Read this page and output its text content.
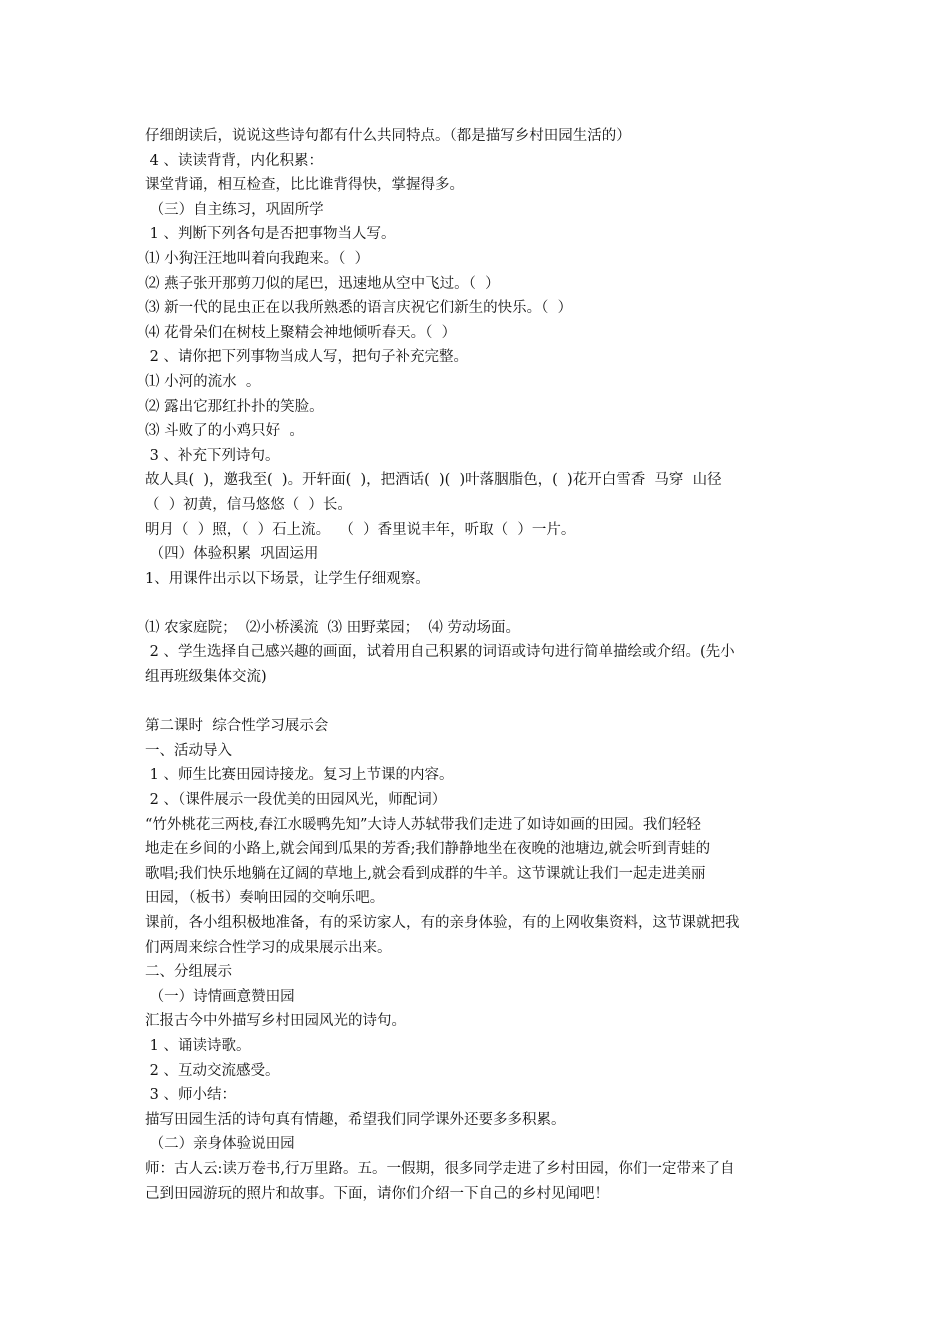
仔细朗读后，说说这些诗句都有什么共同特点。（都是描写乡村田园生活的）
4 、读读背背，内化积累：
课堂背诵，相互检查，比比谁背得快，掌握得多。
（三）自主练习，巩固所学
1 、判断下列各句是否把事物当人写。
⑴ 小狗汪汪地叫着向我跑来。（  ）
⑵ 燕子张开那剪刀似的尾巴，迅速地从空中飞过。（  ）
⑶ 新一代的昆虫正在以我所熟悉的语言庆祝它们新生的快乐。（  ）
⑷ 花骨朵们在树枝上聚精会神地倾听春天。（  ）
2 、请你把下列事物当成人写，把句子补充完整。
⑴ 小河的流水  。
⑵ 露出它那红扑扑的笑脸。
⑶ 斗败了的小鸡只好  。
3 、补充下列诗句。
故人具(  )，邀我至(  )。开轩面(  )，把酒话(  )(  )叶落胭脂色，(  )花开白雪香  马穿  山径
（  ）初黄，信马悠悠（  ）长。
明月（  ）照，（  ）石上流。  （  ）香里说丰年，听取（  ）一片。
（四）体验积累  巩固运用
1、用课件出示以下场景，让学生仔细观察。
⑴ 农家庭院；  ⑵小桥溪流  ⑶ 田野菜园；  ⑷ 劳动场面。
2 、学生选择自己感兴趣的画面，试着用自己积累的词语或诗句进行简单描绘或介绍。(先小
组再班级集体交流)
第二课时  综合性学习展示会
一、活动导入
1 、师生比赛田园诗接龙。复习上节课的内容。
2 、（课件展示一段优美的田园风光，师配词）
“竹外桃花三两枝,春江水暖鸭先知”大诗人苏轼带我们走进了如诗如画的田园。我们轻轻
地走在乡间的小路上,就会闻到瓜果的芳香;我们静静地坐在夜晚的池塘边,就会听到青蛙的
歌唱;我们快乐地躺在辽阔的草地上,就会看到成群的牛羊。这节课就让我们一起走进美丽
田园，（板书）奏响田园的交响乐吧。
课前，各小组积极地准备，有的采访家人，有的亲身体验，有的上网收集资料，这节课就把我
们两周来综合性学习的成果展示出来。
二、分组展示
（一）诗情画意赞田园
汇报古今中外描写乡村田园风光的诗句。
1 、诵读诗歌。
2 、互动交流感受。
3 、师小结：
描写田园生活的诗句真有情趣，希望我们同学课外还要多多积累。
（二）亲身体验说田园
师：古人云:读万卷书,行万里路。五。一假期，很多同学走进了乡村田园，你们一定带来了自
己到田园游玩的照片和故事。下面，请你们介绍一下自己的乡村见闻吧！
